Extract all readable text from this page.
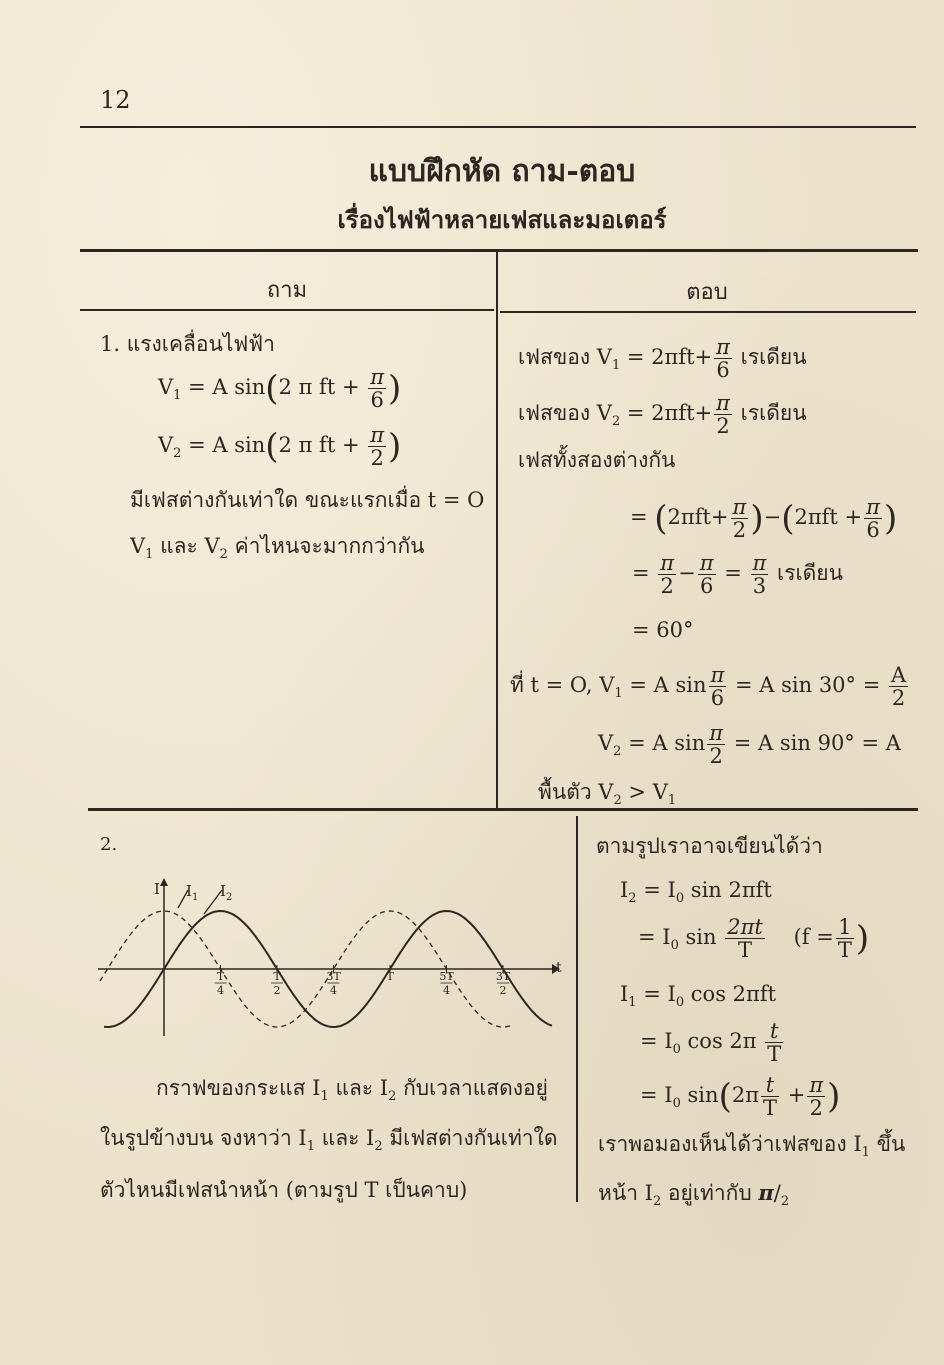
12
แบบฝึกหัด ถาม-ตอบ
เรื่องไฟฟ้าหลายเฟสและมอเตอร์
ถาม	ตอบ
1. แรงเคลื่อนไฟฟ้า
$V_1 = A$ sin(2 π ft + $\frac{\pi}{6}$ )
$V_2 = A$ sin(2 π ft + $\frac{\pi}{2}$ )
มีเฟสต่างกันเท่าใด ขณะแรกเมื่อ t = O
$V_1$ และ $V_2$ ค่าไหนจะมากกว่ากัน
เฟสของ $V_1 = 2\pi ft+ \frac{\pi}{6}$ เรเดียน
เฟสของ $V_2 = 2\pi ft+ \frac{\pi}{2}$ เรเดียน
เฟสทั้งสองต่างกัน
= $(2\pi ft+ \frac{\pi}{2} )-(2\pi ft + \frac{\pi}{6}$ )
= $\frac{\pi}{2} - \frac{\pi}{6} = \frac{\pi}{3}$ เรเดียน
= 60°
ที่ t = O, $V_1 = A$ $\sin \frac{\pi}{6} = A$ $\sin 30^\circ = \frac{A}{2}$
$V_2 = A$ $\sin \frac{\pi}{2} = A$ sin 90° = A
พื้นตัว $V_2 > V_1$
2.
t
I $I_1$ $I_2$
T
4
T
2
3T
4
T	5T
4
3T
2
กราฟของกระแส $I_1$ และ $I_2$ กับเวลาแสดงอยู่
ในรูปข้างบน จงหาว่า $I_1$ และ $I_2$ มีเฟสต่างกันเท่าใด
ตัวไหนมีเฟสนำหน้า (ตามรูป T เป็นคาบ)
ตามรูปเราอาจเขียนได้ว่า
$I_2 = I_0$ sin 2πft
= $I_0$ $\sin \frac{2\pi t}{T} (f = \frac{1}{T}$ )
$I_1 = I_0$ cos 2πft
= $I_0$ $\cos 2\pi \frac{t}{T}$
= $I_0$ $\sin(2\pi \frac{t}{T} + \frac{\pi}{2}$ )
เราพอมองเห็นได้ว่าเฟสของ $I_1$ ขึ้น
หน้า $I_2$ อยู่เท่ากับ $\pi/_2$
